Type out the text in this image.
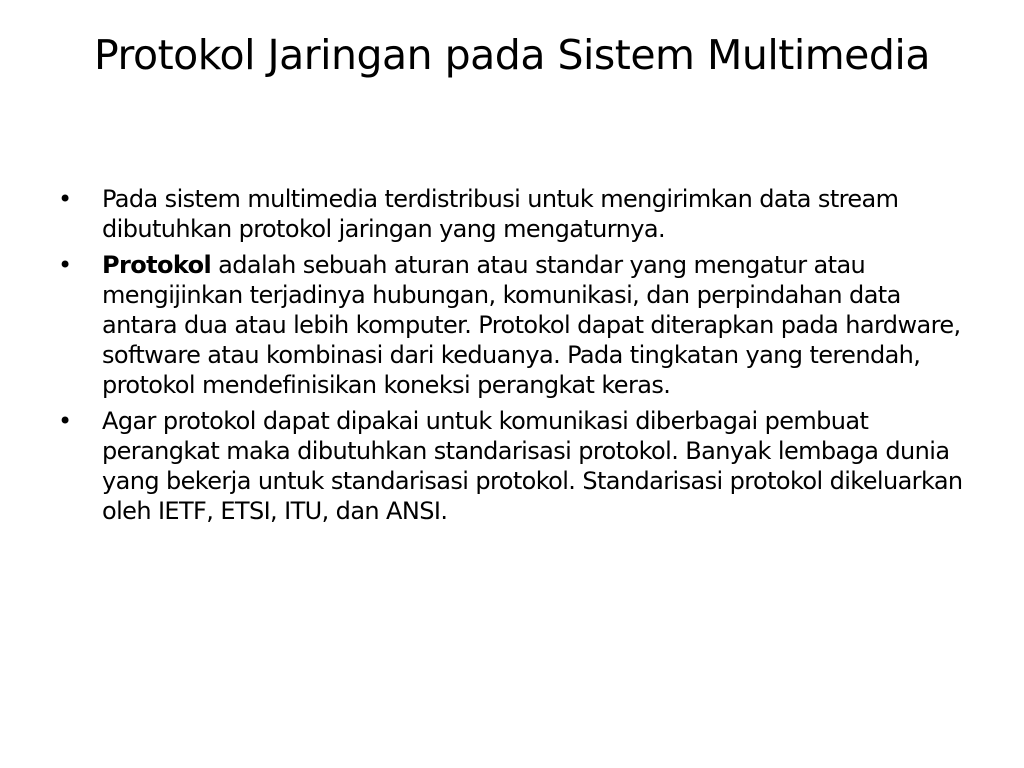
Protokol Jaringan pada Sistem Multimedia
• Pada sistem multimedia terdistribusi untuk mengirimkan data stream dibutuhkan protokol jaringan yang mengaturnya.
• Protokol adalah sebuah aturan atau standar yang mengatur atau mengijinkan terjadinya hubungan, komunikasi, dan perpindahan data antara dua atau lebih komputer. Protokol dapat diterapkan pada hardware, software atau kombinasi dari keduanya. Pada tingkatan yang terendah, protokol mendefinisikan koneksi perangkat keras.
• Agar protokol dapat dipakai untuk komunikasi diberbagai pembuat perangkat maka dibutuhkan standarisasi protokol. Banyak lembaga dunia yang bekerja untuk standarisasi protokol. Standarisasi protokol dikeluarkan oleh IETF, ETSI, ITU, dan ANSI.
